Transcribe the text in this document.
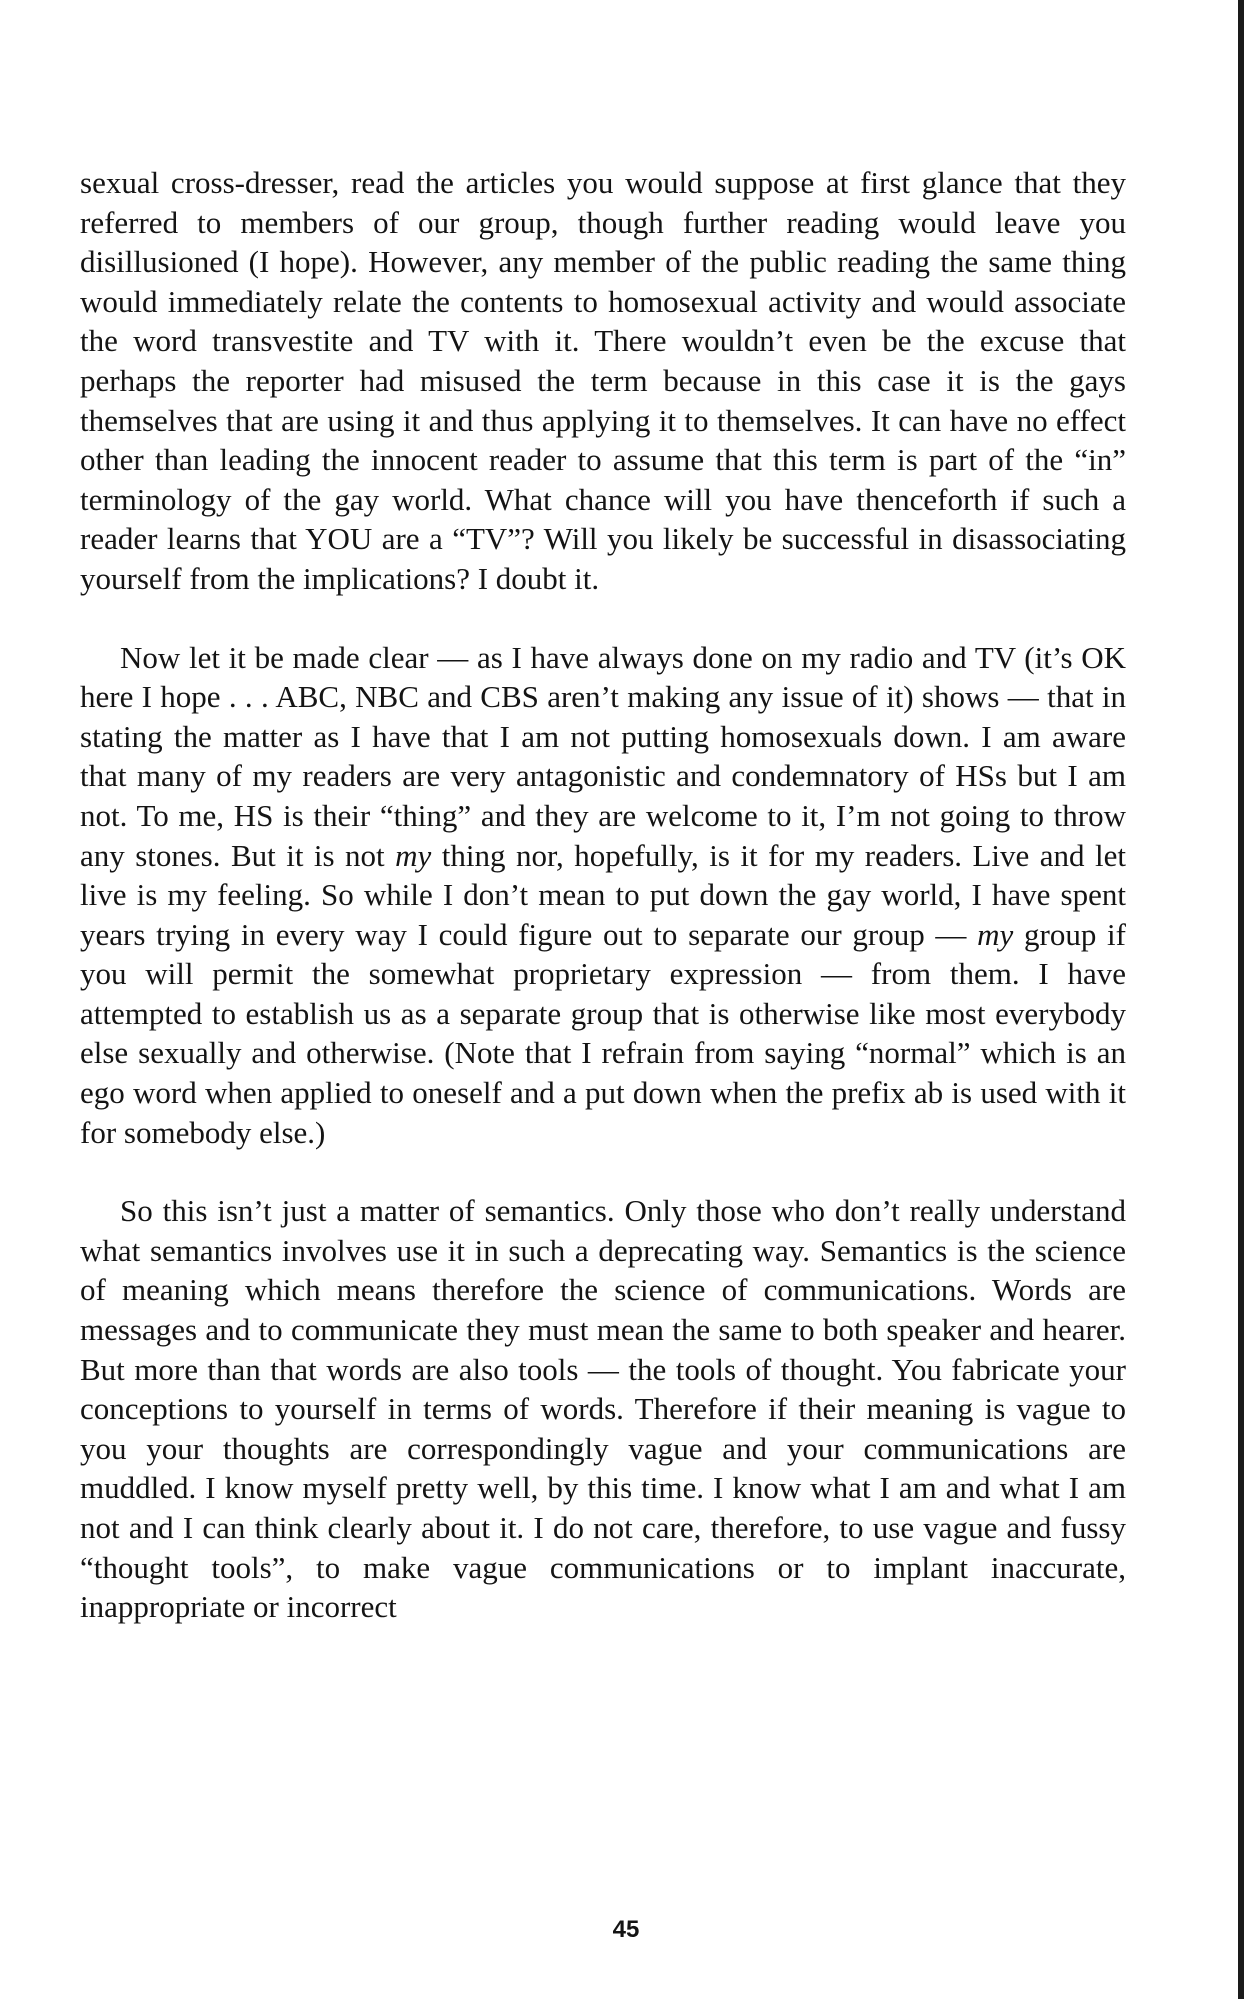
sexual cross-dresser, read the articles you would suppose at first glance that they referred to members of our group, though further reading would leave you disillusioned (I hope). However, any member of the public reading the same thing would immediately relate the contents to homosexual activity and would associate the word transvestite and TV with it. There wouldn’t even be the excuse that perhaps the reporter had misused the term because in this case it is the gays themselves that are using it and thus applying it to themselves. It can have no effect other than leading the innocent reader to assume that this term is part of the “in” terminology of the gay world. What chance will you have thenceforth if such a reader learns that YOU are a “TV”? Will you likely be successful in disassociating yourself from the implications? I doubt it.

Now let it be made clear — as I have always done on my radio and TV (it’s OK here I hope . . . ABC, NBC and CBS aren’t making any issue of it) shows — that in stating the matter as I have that I am not putting homosexuals down. I am aware that many of my readers are very antagonistic and condemnatory of HSs but I am not. To me, HS is their “thing” and they are welcome to it, I’m not going to throw any stones. But it is not my thing nor, hopefully, is it for my readers. Live and let live is my feeling. So while I don’t mean to put down the gay world, I have spent years trying in every way I could figure out to separate our group — my group if you will permit the somewhat proprietary expression — from them. I have attempted to establish us as a separate group that is otherwise like most everybody else sexually and otherwise. (Note that I refrain from saying “normal” which is an ego word when applied to oneself and a put down when the prefix ab is used with it for somebody else.)

So this isn’t just a matter of semantics. Only those who don’t really understand what semantics involves use it in such a deprecating way. Semantics is the science of meaning which means therefore the science of communications. Words are messages and to communicate they must mean the same to both speaker and hearer. But more than that words are also tools — the tools of thought. You fabricate your conceptions to yourself in terms of words. Therefore if their meaning is vague to you your thoughts are correspondingly vague and your communications are muddled. I know myself pretty well, by this time. I know what I am and what I am not and I can think clearly about it. I do not care, therefore, to use vague and fussy “thought tools”, to make vague communications or to implant inaccurate, inappropriate or incorrect

45
